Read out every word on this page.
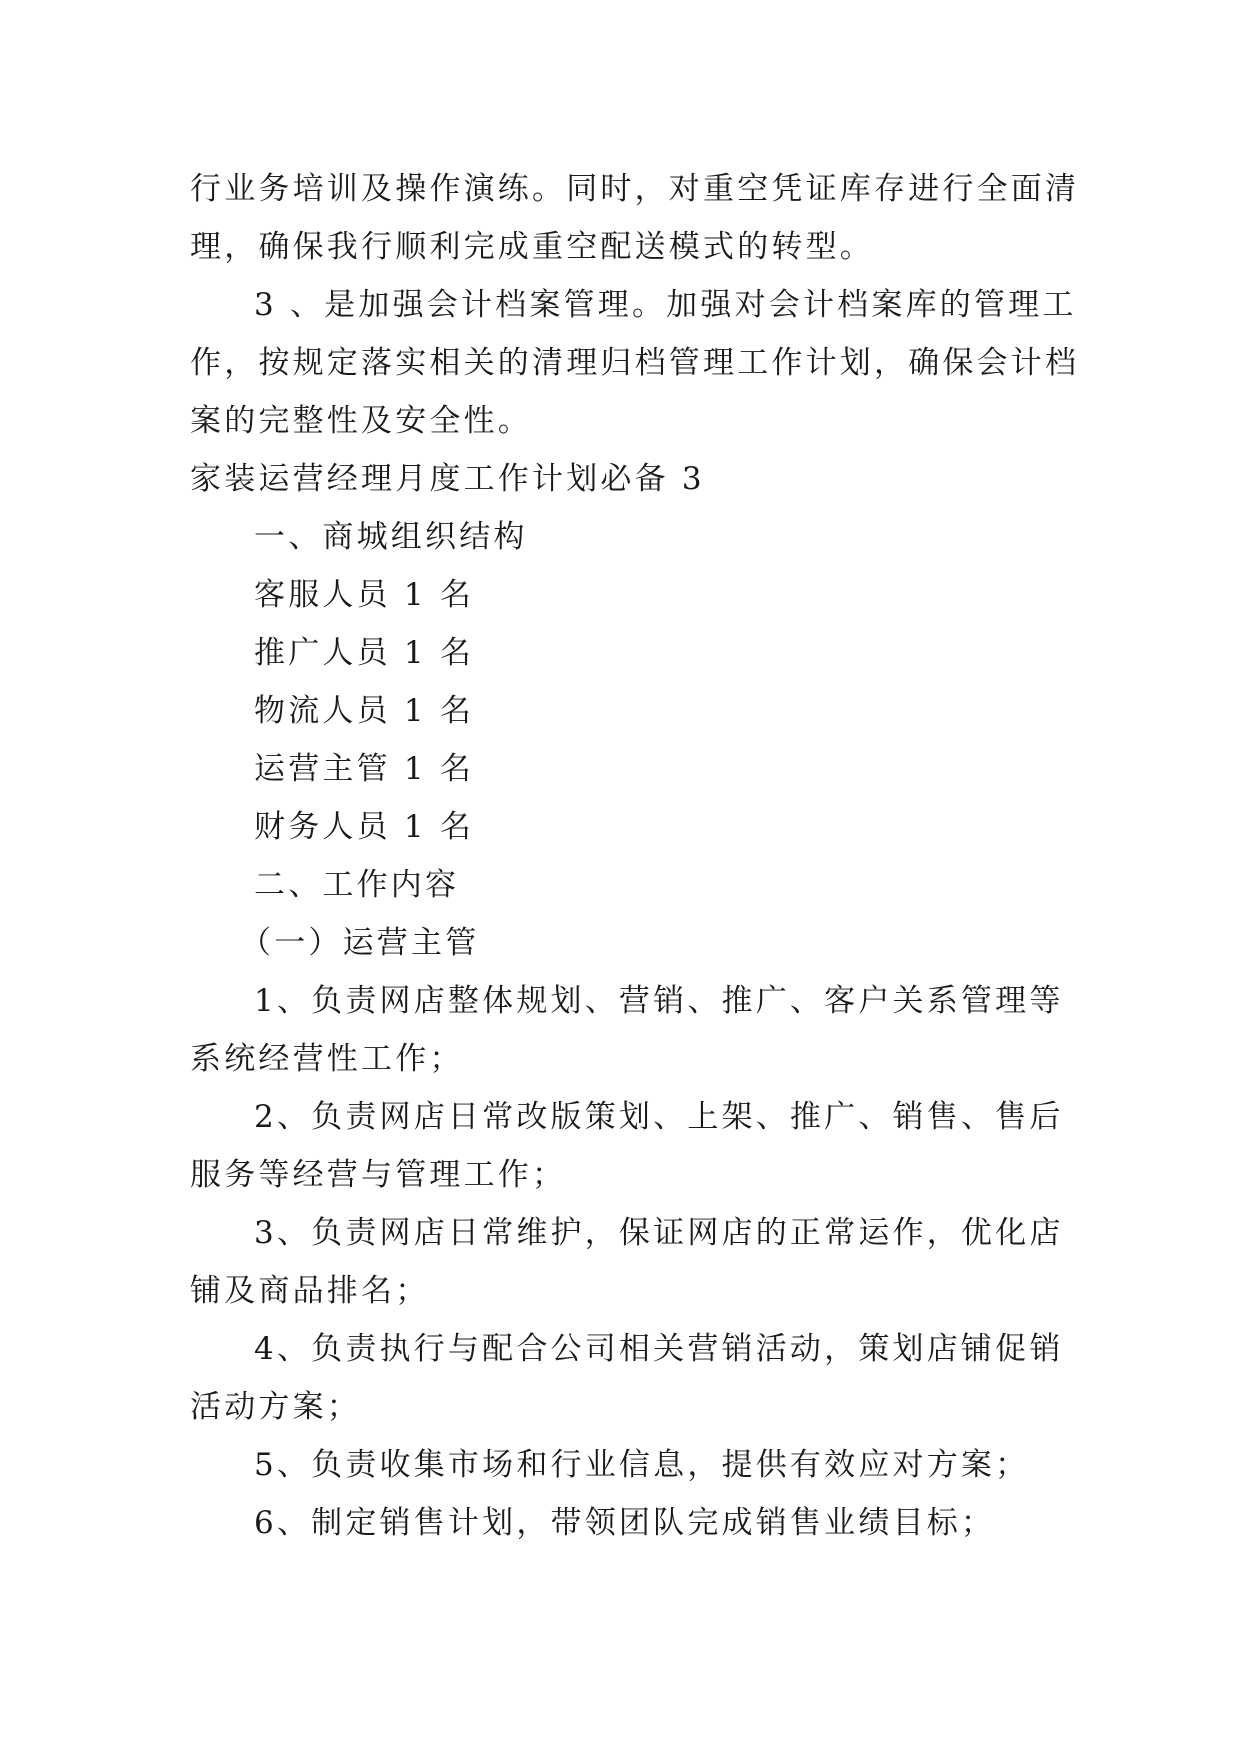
行业务培训及操作演练。同时，对重空凭证库存进行全面清
理，确保我行顺利完成重空配送模式的转型。
3 、是加强会计档案管理。加强对会计档案库的管理工
作，按规定落实相关的清理归档管理工作计划，确保会计档
案的完整性及安全性。
家装运营经理月度工作计划必备 3
一、商城组织结构
客服人员 1 名
推广人员 1 名
物流人员 1 名
运营主管 1 名
财务人员 1 名
二、工作内容
（一）运营主管
1、负责网店整体规划、营销、推广、客户关系管理等
系统经营性工作；
2、负责网店日常改版策划、上架、推广、销售、售后
服务等经营与管理工作；
3、负责网店日常维护，保证网店的正常运作，优化店
铺及商品排名；
4、负责执行与配合公司相关营销活动，策划店铺促销
活动方案；
5、负责收集市场和行业信息，提供有效应对方案；
6、制定销售计划，带领团队完成销售业绩目标；
